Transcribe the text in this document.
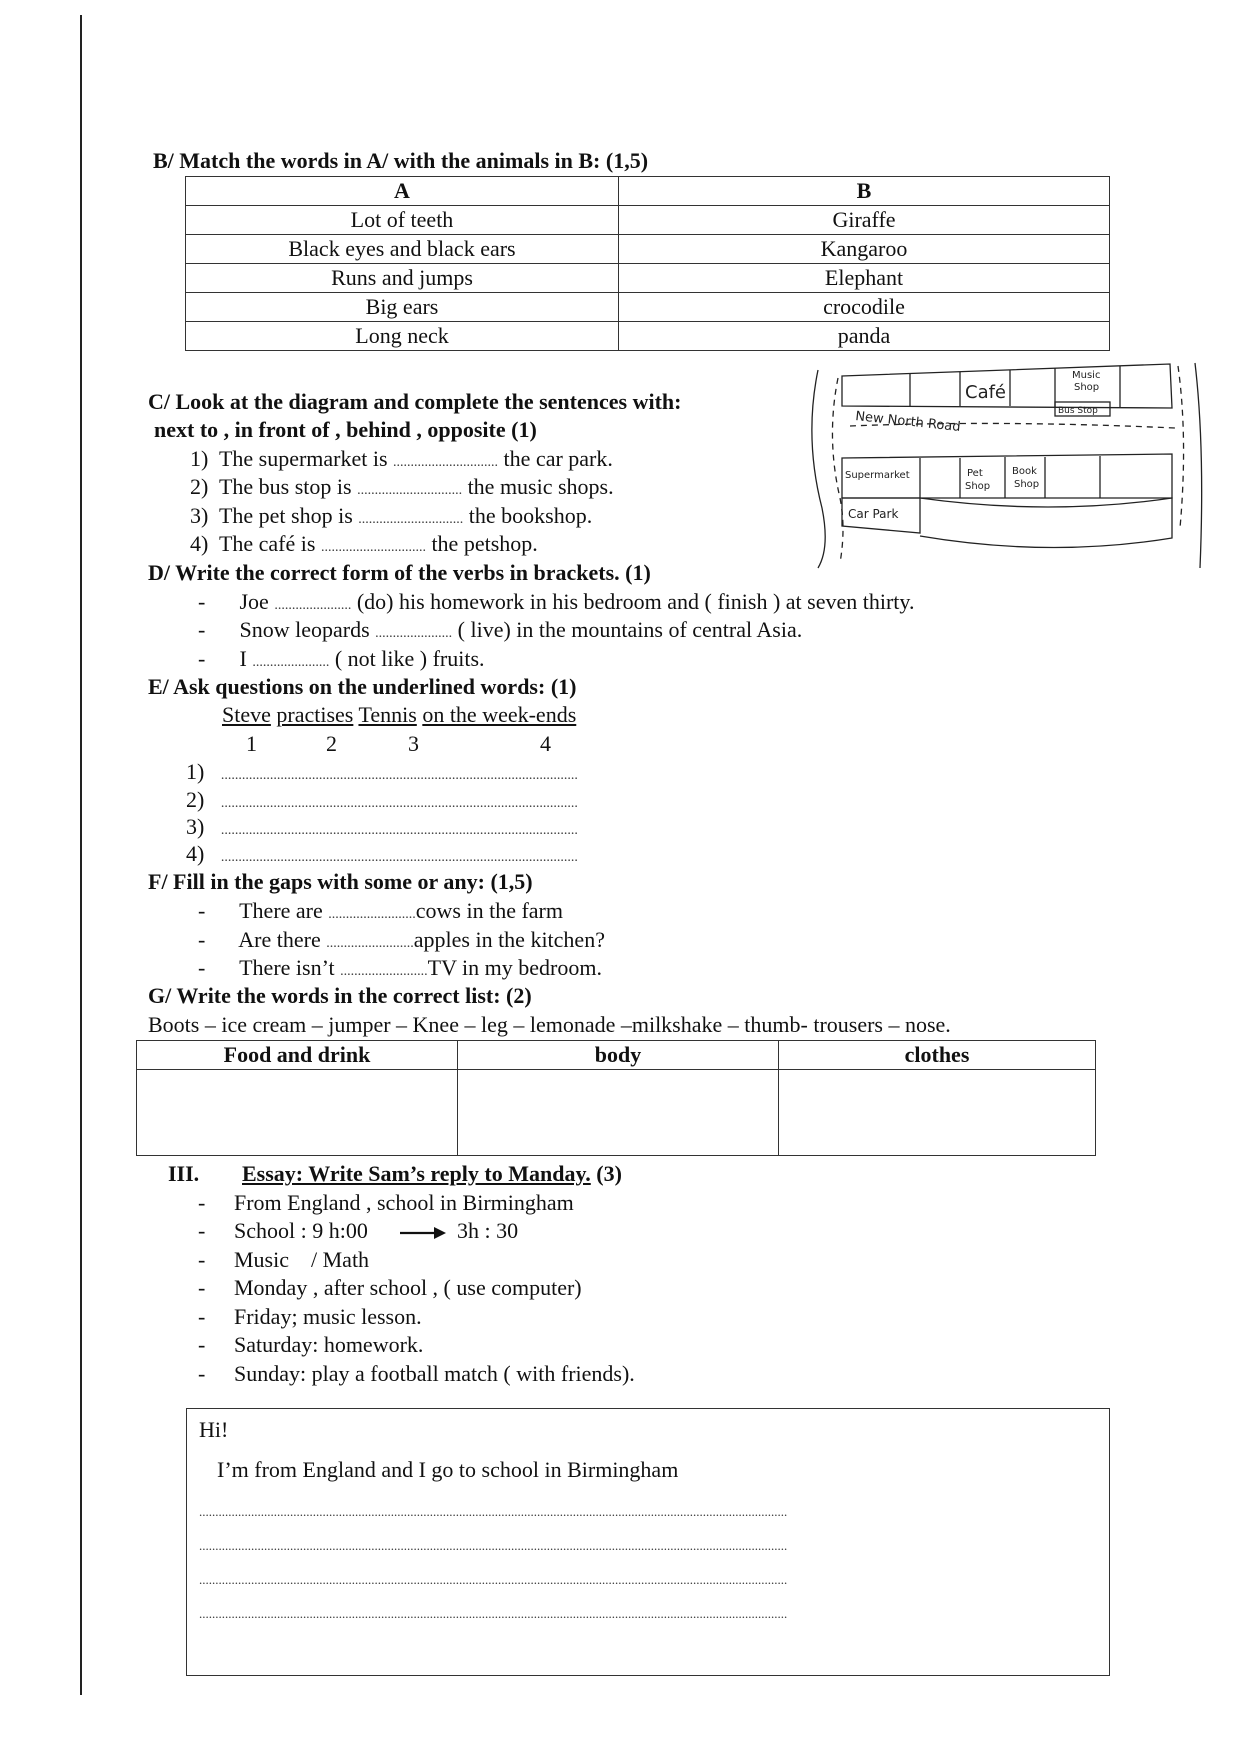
B/ Match the words in A/ with the animals in B: (1,5)
A	B
Lot of teeth	Giraffe
Black eyes and black ears	Kangaroo
Runs and jumps	Elephant
Big ears	crocodile
Long neck	panda
C/ Look at the diagram and complete the sentences with:
next to , in front of , behind , opposite (1)
1) The supermarket is .............................. the car park.
2) The bus stop is .............................. the music shops.
3) The pet shop is .............................. the bookshop.
4) The café is .............................. the petshop.
Café
Music
Shop
Bus Stop
New North Road
Supermarket	Pet
Shop
Book
Shop
Car Park
D/ Write the correct form of the verbs in brackets. (1)
- Joe ...................... (do) his homework in his bedroom and ( finish ) at seven thirty.
- Snow leopards ...................... ( live) in the mountains of central Asia.
- I ...................... ( not like ) fruits.
E/ Ask questions on the underlined words: (1)
Steve practises Tennis on the week-ends
1	2	3	4
1) ......................................................................................................
2) ......................................................................................................
3) ......................................................................................................
4) ......................................................................................................
F/ Fill in the gaps with some or any: (1,5)
- There are .........................cows in the farm
- Are there .........................apples in the kitchen?
- There isn’t .........................TV in my bedroom.
G/ Write the words in the correct list: (2)
Boots – ice cream – jumper – Knee – leg – lemonade –milkshake – thumb- trousers – nose.
Food and drink	body	clothes

III. Essay: Write Sam’s reply to Manday. (3)
- From England , school in Birmingham
- School : 9 h:00	3h : 30
- Music    / Math
- Monday , after school , ( use computer)
- Friday; music lesson.
- Saturday: homework.
- Sunday: play a football match ( with friends).
Hi!
I’m from England and I go to school in Birmingham
.....................................................................................................................................................................................
.....................................................................................................................................................................................
.....................................................................................................................................................................................
.....................................................................................................................................................................................
